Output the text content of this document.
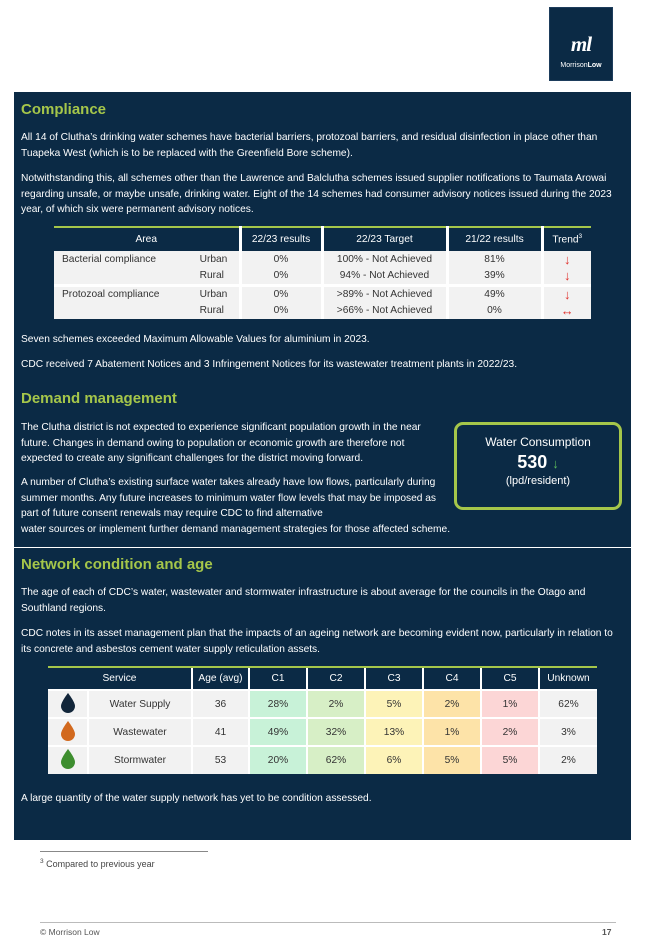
ml
MorrisonLow
Compliance
All 14 of Clutha’s drinking water schemes have bacterial barriers, protozoal barriers, and residual disinfection in place other than Tuapeka West (which is to be replaced with the Greenfield Bore scheme).
Notwithstanding this, all schemes other than the Lawrence and Balclutha schemes issued supplier notifications to Taumata Arowai regarding unsafe, or maybe unsafe, drinking water. Eight of the 14 schemes had consumer advisory notices issued during the 2023 year, of which six were permanent advisory notices.
Area		22/23 results	22/23 Target	21/22 results	Trend$^3$
Bacterial compliance	Urban	0%	100% - Not Achieved	81%	↓
	Rural	0%	94% - Not Achieved	39%	↓
Protozoal compliance	Urban	0%	>89% - Not Achieved	49%	↓
	Rural	0%	>66% - Not Achieved	0%	↔
Seven schemes exceeded Maximum Allowable Values for aluminium in 2023.
CDC received 7 Abatement Notices and 3 Infringement Notices for its wastewater treatment plants in 2022/23.
Demand management
The Clutha district is not expected to experience significant population growth in the near future. Changes in demand owing to population or economic growth are therefore not expected to create any significant challenges for the district moving forward.
A number of Clutha’s existing surface water takes already have low flows, particularly during summer months. Any future increases to minimum water flow levels that may be imposed as part of future consent renewals may require CDC to find alternative
water sources or implement further demand management strategies for those affected scheme.
Water Consumption
530 ↓
(lpd/resident)
Network condition and age
The age of each of CDC’s water, wastewater and stormwater infrastructure is about average for the councils in the Otago and Southland regions.
CDC notes in its asset management plan that the impacts of an ageing network are becoming evident now, particularly in relation to its concrete and asbestos cement water supply reticulation assets.
Service		Age (avg)	C1	C2	C3	C4	C5	Unknown
	Water Supply	36	28%	2%	5%	2%	1%	62%
	Wastewater	41	49%	32%	13%	1%	2%	3%
	Stormwater	53	20%	62%	6%	5%	5%	2%
A large quantity of the water supply network has yet to be condition assessed.
$^3$ Compared to previous year
© Morrison Low	17
